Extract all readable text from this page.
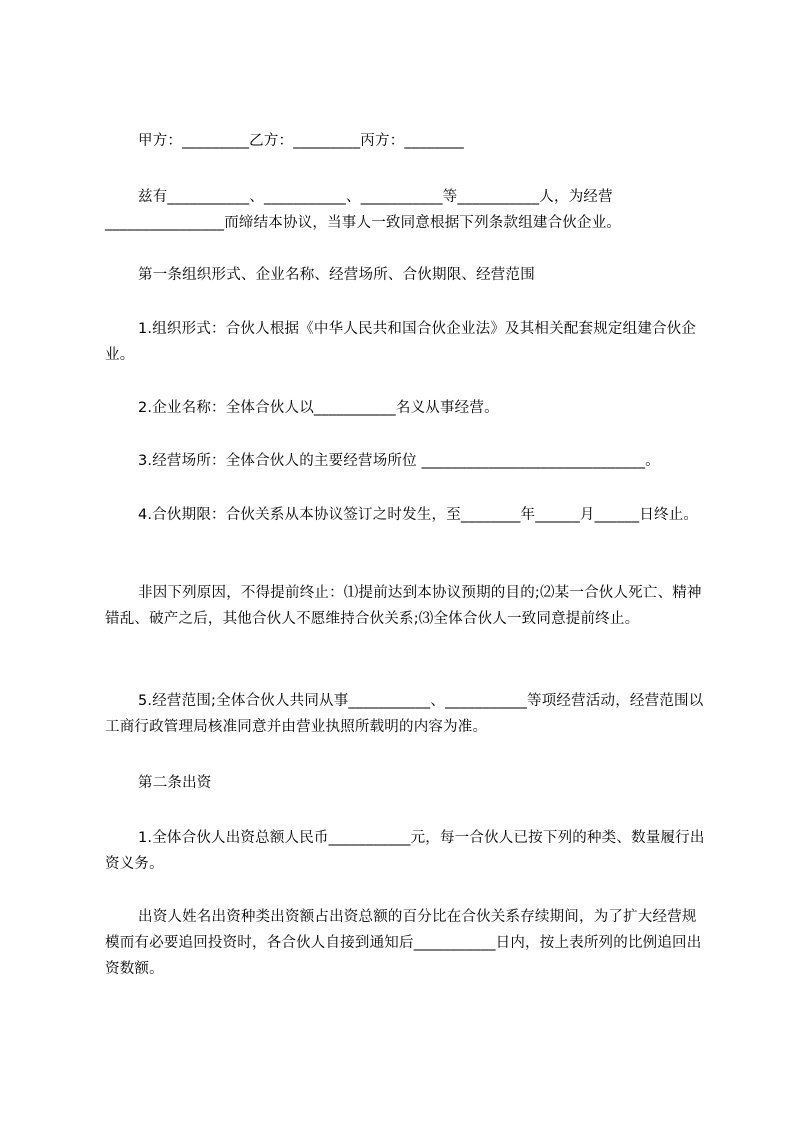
甲方：_________乙方：_________丙方：________

兹有___________、___________、___________等___________人，为经营________________而缔结本协议，当事人一致同意根据下列条款组建合伙企业。

第一条组织形式、企业名称、经营场所、合伙期限、经营范围

1.组织形式：合伙人根据《中华人民共和国合伙企业法》及其相关配套规定组建合伙企业。

2.企业名称：全体合伙人以___________名义从事经营。

3.经营场所：全体合伙人的主要经营场所位 ______________________________。

4.合伙期限：合伙关系从本协议签订之时发生，至________年______月______日终止。

非因下列原因，不得提前终止：⑴提前达到本协议预期的目的;⑵某一合伙人死亡、精神错乱、破产之后，其他合伙人不愿维持合伙关系;⑶全体合伙人一致同意提前终止。

5.经营范围;全体合伙人共同从事___________、___________等项经营活动，经营范围以工商行政管理局核准同意并由营业执照所载明的内容为准。

第二条出资

1.全体合伙人出资总额人民币___________元，每一合伙人已按下列的种类、数量履行出资义务。

出资人姓名出资种类出资额占出资总额的百分比在合伙关系存续期间，为了扩大经营规模而有必要追回投资时，各合伙人自接到通知后___________日内，按上表所列的比例追回出资数额。
